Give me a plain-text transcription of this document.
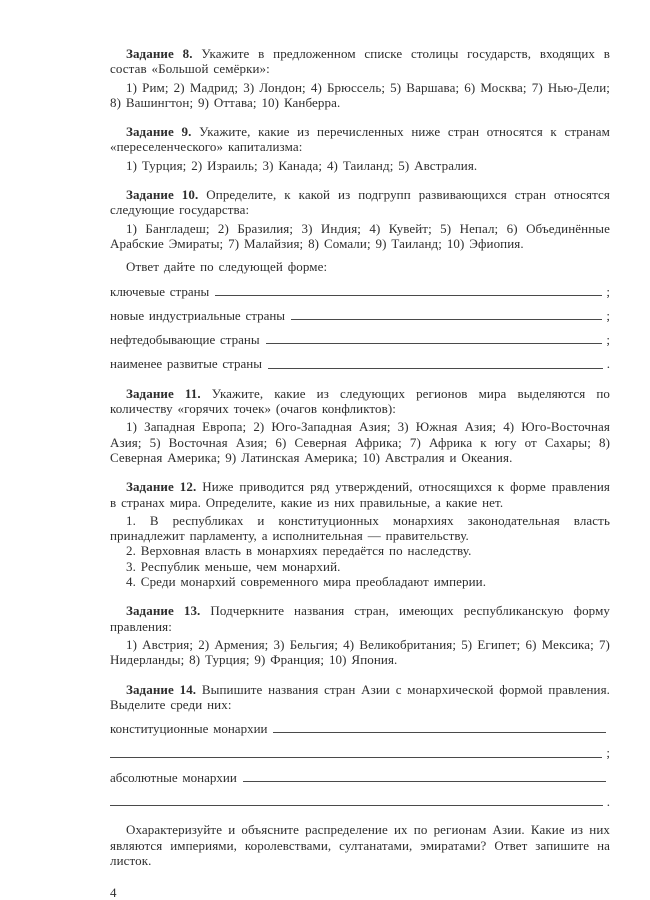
Задание 8. Укажите в предложенном списке столицы государств, входящих в состав «Большой семёрки»:

1) Рим; 2) Мадрид; 3) Лондон; 4) Брюссель; 5) Варшава; 6) Москва; 7) Нью-Дели; 8) Вашингтон; 9) Оттава; 10) Канберра.

Задание 9. Укажите, какие из перечисленных ниже стран относятся к странам «переселенческого» капитализма:

1) Турция; 2) Израиль; 3) Канада; 4) Таиланд; 5) Австралия.

Задание 10. Определите, к какой из подгрупп развивающихся стран относятся следующие государства:

1) Бангладеш; 2) Бразилия; 3) Индия; 4) Кувейт; 5) Непал; 6) Объединённые Арабские Эмираты; 7) Малайзия; 8) Сомали; 9) Таиланд; 10) Эфиопия.

Ответ дайте по следующей форме:

ключевые страны	;
новые индустриальные страны	;
нефтедобывающие страны	;
наименее развитые страны	.

Задание 11. Укажите, какие из следующих регионов мира выделяются по количеству «горячих точек» (очагов конфликтов):

1) Западная Европа; 2) Юго-Западная Азия; 3) Южная Азия; 4) Юго-Восточная Азия; 5) Восточная Азия; 6) Северная Африка; 7) Африка к югу от Сахары; 8) Северная Америка; 9) Латинская Америка; 10) Австралия и Океания.

Задание 12. Ниже приводится ряд утверждений, относящихся к форме правления в странах мира. Определите, какие из них правильные, а какие нет.

1. В республиках и конституционных монархиях законодательная власть принадлежит парламенту, а исполнительная — правительству.

2. Верховная власть в монархиях передаётся по наследству.

3. Республик меньше, чем монархий.

4. Среди монархий современного мира преобладают империи.

Задание 13. Подчеркните названия стран, имеющих республиканскую форму правления:

1) Австрия; 2) Армения; 3) Бельгия; 4) Великобритания; 5) Египет; 6) Мексика; 7) Нидерланды; 8) Турция; 9) Франция; 10) Япония.

Задание 14. Выпишите названия стран Азии с монархической формой правления. Выделите среди них:

конституционные монархии
;
абсолютные монархии
.

Охарактеризуйте и объясните распределение их по регионам Азии. Какие из них являются империями, королевствами, султанатами, эмиратами? Ответ запишите на листок.

4
